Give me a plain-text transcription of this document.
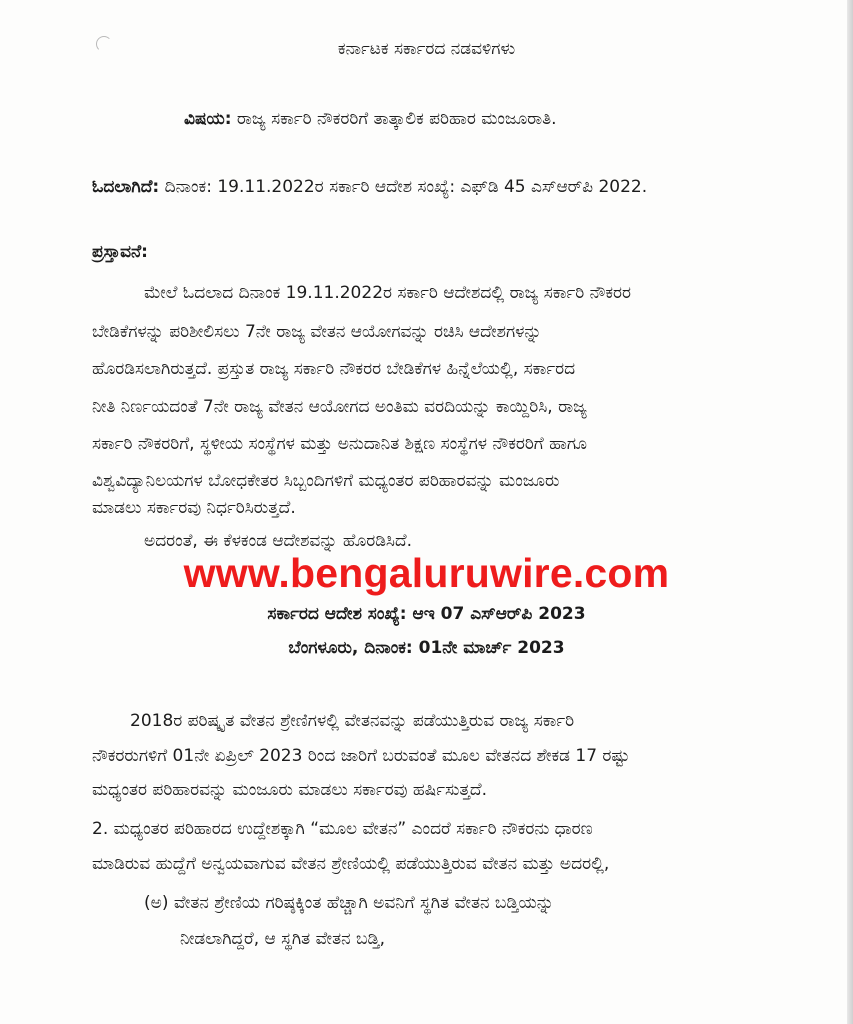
ಕರ್ನಾಟಕ ಸರ್ಕಾರದ ನಡವಳಿಗಳು
ವಿಷಯ: ರಾಜ್ಯ ಸರ್ಕಾರಿ ನೌಕರರಿಗೆ ತಾತ್ಕಾಲಿಕ ಪರಿಹಾರ ಮಂಜೂರಾತಿ.
ಓದಲಾಗಿದೆ: ದಿನಾಂಕ: 19.11.2022ರ ಸರ್ಕಾರಿ ಆದೇಶ ಸಂಖ್ಯೆ: ಎಫ್‌ಡಿ 45 ಎಸ್‌ಆರ್‌ಪಿ 2022.
ಪ್ರಸ್ತಾವನೆ:
ಮೇಲೆ ಓದಲಾದ ದಿನಾಂಕ 19.11.2022ರ ಸರ್ಕಾರಿ ಆದೇಶದಲ್ಲಿ ರಾಜ್ಯ ಸರ್ಕಾರಿ ನೌಕರರ
ಬೇಡಿಕೆಗಳನ್ನು ಪರಿಶೀಲಿಸಲು 7ನೇ ರಾಜ್ಯ ವೇತನ ಆಯೋಗವನ್ನು ರಚಿಸಿ ಆದೇಶಗಳನ್ನು
ಹೊರಡಿಸಲಾಗಿರುತ್ತದೆ. ಪ್ರಸ್ತುತ ರಾಜ್ಯ ಸರ್ಕಾರಿ ನೌಕರರ ಬೇಡಿಕೆಗಳ ಹಿನ್ನೆಲೆಯಲ್ಲಿ, ಸರ್ಕಾರದ
ನೀತಿ ನಿರ್ಣಯದಂತೆ 7ನೇ ರಾಜ್ಯ ವೇತನ ಆಯೋಗದ ಅಂತಿಮ ವರದಿಯನ್ನು ಕಾಯ್ದಿರಿಸಿ, ರಾಜ್ಯ
ಸರ್ಕಾರಿ ನೌಕರರಿಗೆ, ಸ್ಥಳೀಯ ಸಂಸ್ಥೆಗಳ ಮತ್ತು ಅನುದಾನಿತ ಶಿಕ್ಷಣ ಸಂಸ್ಥೆಗಳ ನೌಕರರಿಗೆ ಹಾಗೂ
ವಿಶ್ವವಿದ್ಯಾನಿಲಯಗಳ ಬೋಧಕೇತರ ಸಿಬ್ಬಂದಿಗಳಿಗೆ ಮಧ್ಯಂತರ ಪರಿಹಾರವನ್ನು ಮಂಜೂರು
ಮಾಡಲು ಸರ್ಕಾರವು ನಿರ್ಧರಿಸಿರುತ್ತದೆ.
ಅದರಂತೆ, ಈ ಕೆಳಕಂಡ ಆದೇಶವನ್ನು ಹೊರಡಿಸಿದೆ.
www.bengaluruwire.com
ಸರ್ಕಾರದ ಆದೇಶ ಸಂಖ್ಯೆ: ಆಇ 07 ಎಸ್‌ಆರ್‌ಪಿ 2023
ಬೆಂಗಳೂರು, ದಿನಾಂಕ: 01ನೇ ಮಾರ್ಚ್ 2023
2018ರ ಪರಿಷ್ಕೃತ ವೇತನ ಶ್ರೇಣಿಗಳಲ್ಲಿ ವೇತನವನ್ನು ಪಡೆಯುತ್ತಿರುವ ರಾಜ್ಯ ಸರ್ಕಾರಿ
ನೌಕರರುಗಳಿಗೆ 01ನೇ ಏಪ್ರಿಲ್ 2023 ರಿಂದ ಜಾರಿಗೆ ಬರುವಂತೆ ಮೂಲ ವೇತನದ ಶೇಕಡ 17 ರಷ್ಟು
ಮಧ್ಯಂತರ ಪರಿಹಾರವನ್ನು ಮಂಜೂರು ಮಾಡಲು ಸರ್ಕಾರವು ಹರ್ಷಿಸುತ್ತದೆ.
2. ಮಧ್ಯಂತರ ಪರಿಹಾರದ ಉದ್ದೇಶಕ್ಕಾಗಿ “ಮೂಲ ವೇತನ” ಎಂದರೆ ಸರ್ಕಾರಿ ನೌಕರನು ಧಾರಣ
ಮಾಡಿರುವ ಹುದ್ದೆಗೆ ಅನ್ವಯವಾಗುವ ವೇತನ ಶ್ರೇಣಿಯಲ್ಲಿ ಪಡೆಯುತ್ತಿರುವ ವೇತನ ಮತ್ತು ಅದರಲ್ಲಿ,
(ಅ) ವೇತನ ಶ್ರೇಣಿಯ ಗರಿಷ್ಠಕ್ಕಿಂತ ಹೆಚ್ಚಾಗಿ ಅವನಿಗೆ ಸ್ಥಗಿತ ವೇತನ ಬಡ್ತಿಯನ್ನು
ನೀಡಲಾಗಿದ್ದರೆ, ಆ ಸ್ಥಗಿತ ವೇತನ ಬಡ್ತಿ,
